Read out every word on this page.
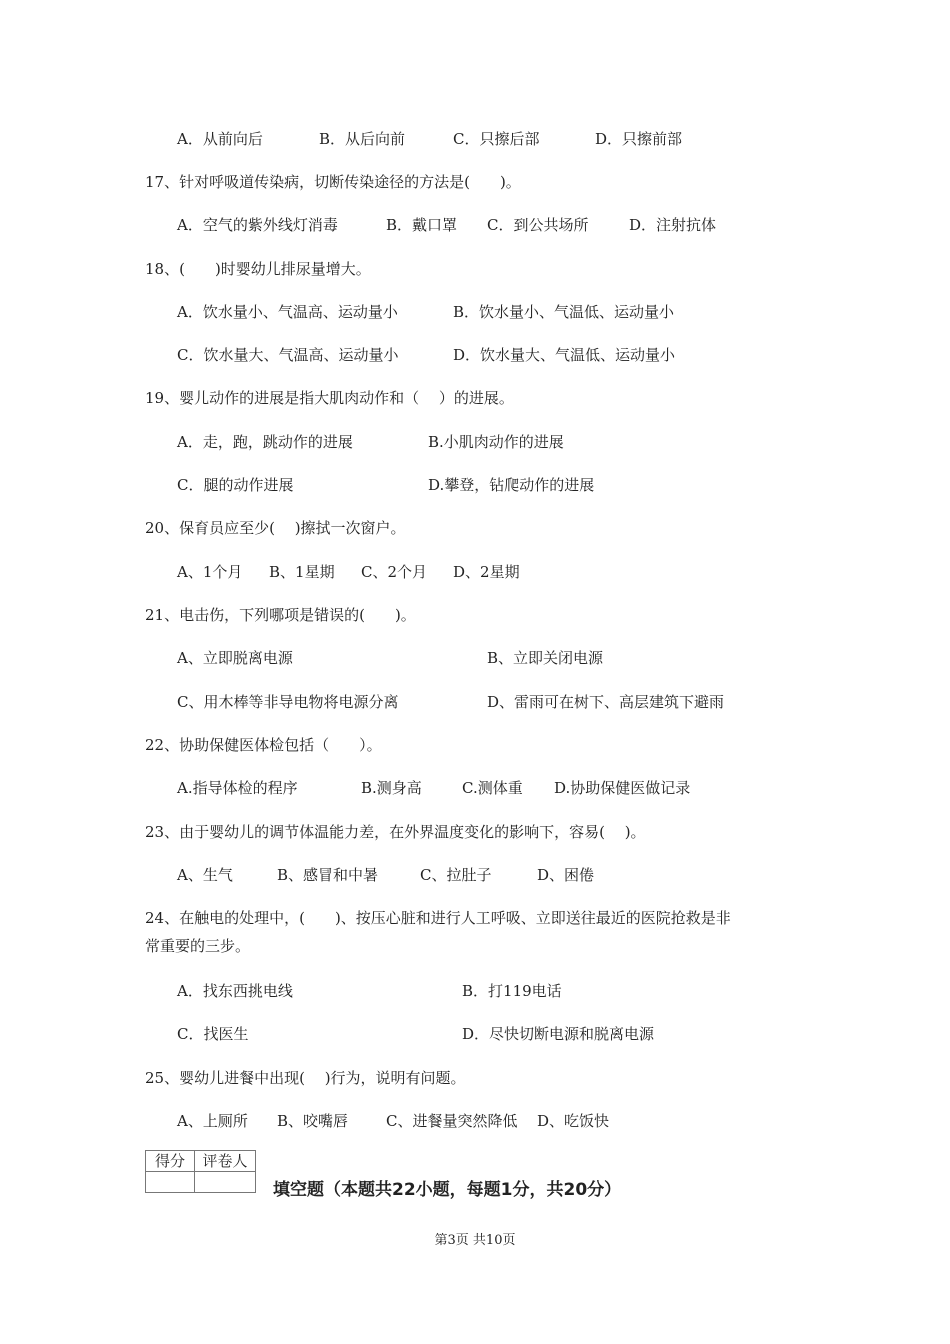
A．从前向后	B．从后向前	C．只擦后部	D．只擦前部
17、针对呼吸道传染病，切断传染途径的方法是(　　)。
A．空气的紫外线灯消毒	B．戴口罩 C．到公共场所	D．注射抗体
18、(　　)时婴幼儿排尿量增大。
A．饮水量小、气温高、运动量小	B．饮水量小、气温低、运动量小
C．饮水量大、气温高、运动量小	D．饮水量大、气温低、运动量小
19、婴儿动作的进展是指大肌肉动作和（　 ）的进展。
A．走，跑，跳动作的进展	B.小肌肉动作的进展
C．腿的动作进展	D.攀登，钻爬动作的进展
20、保育员应至少(　 )擦拭一次窗户。
A、1个月 B、1星期 C、2个月 D、2星期
21、电击伤，下列哪项是错误的(　　)。
A、立即脱离电源	B、立即关闭电源
C、用木棒等非导电物将电源分离	D、雷雨可在树下、高层建筑下避雨
22、协助保健医体检包括（　　）。
A.指导体检的程序	B.测身高	C.测体重 D.协助保健医做记录
23、由于婴幼儿的调节体温能力差，在外界温度变化的影响下，容易(　 )。
A、生气	B、感冒和中暑	C、拉肚子	D、困倦
24、在触电的处理中，(　　)、按压心脏和进行人工呼吸、立即送往最近的医院抢救是非
常重要的三步。
A．找东西挑电线	B．打119电话
C．找医生	D．尽快切断电源和脱离电源
25、婴幼儿进餐中出现(　 )行为，说明有问题。
A、上厕所 B、咬嘴唇	C、进餐量突然降低 D、吃饭快
得分	评卷人

填空题（本题共22小题，每题1分，共20分）
第3页 共10页
